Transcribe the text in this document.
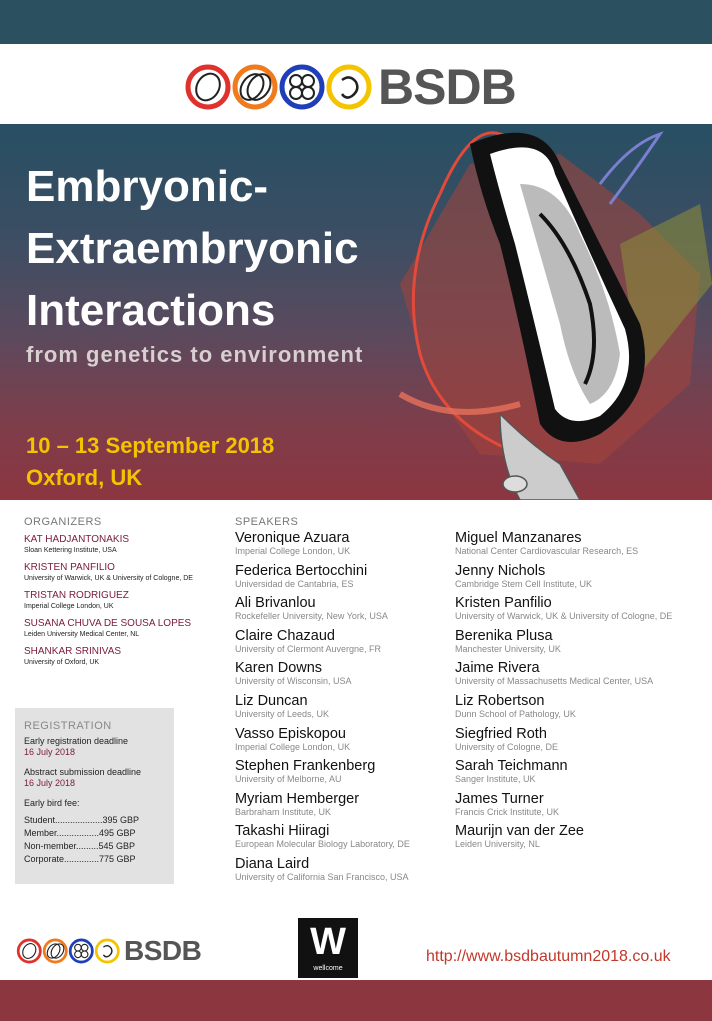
BSDB
Embryonic-
Extraembryonic
Interactions
from genetics to environment
10 – 13 September 2018
Oxford, UK
ORGANIZERS
KAT HADJANTONAKIS
Sloan Kettering Institute, USA
KRISTEN PANFILIO
University of Warwick, UK & University of Cologne, DE
TRISTAN RODRIGUEZ
Imperial College London, UK
SUSANA CHUVA DE SOUSA LOPES
Leiden University Medical Center, NL
SHANKAR SRINIVAS
University of Oxford, UK
REGISTRATION
Early registration deadline
16 July 2018
Abstract submission deadline
16 July 2018
Early bird fee:
Student...................395 GBP
Member.................495 GBP
Non-member.........545 GBP
Corporate..............775 GBP
SPEAKERS
Veronique Azuara
Imperial College London, UK
Federica Bertocchini
Universidad de Cantabria, ES
Ali Brivanlou
Rockefeller University, New York, USA
Claire Chazaud
University of Clermont Auvergne, FR
Karen Downs
University of Wisconsin, USA
Liz Duncan
University of Leeds, UK
Vasso Episkopou
Imperial College London, UK
Stephen Frankenberg
University of Melborne, AU
Myriam Hemberger
Barbraham Institute, UK
Takashi Hiiragi
European Molecular Biology Laboratory, DE
Diana Laird
University of California San Francisco, USA
Miguel Manzanares
National Center Cardiovascular Research, ES
Jenny Nichols
Cambridge Stem Cell Institute, UK
Kristen Panfilio
University of Warwick, UK & University of Cologne, DE
Berenika Plusa
Manchester University, UK
Jaime Rivera
University of Massachusetts Medical Center, USA
Liz Robertson
Dunn School of Pathology, UK
Siegfried Roth
University of Cologne, DE
Sarah Teichmann
Sanger Institute, UK
James Turner
Francis Crick Institute, UK
Maurijn van der Zee
Leiden University, NL
BSDB	W
wellcome
http://www.bsdbautumn2018.co.uk
